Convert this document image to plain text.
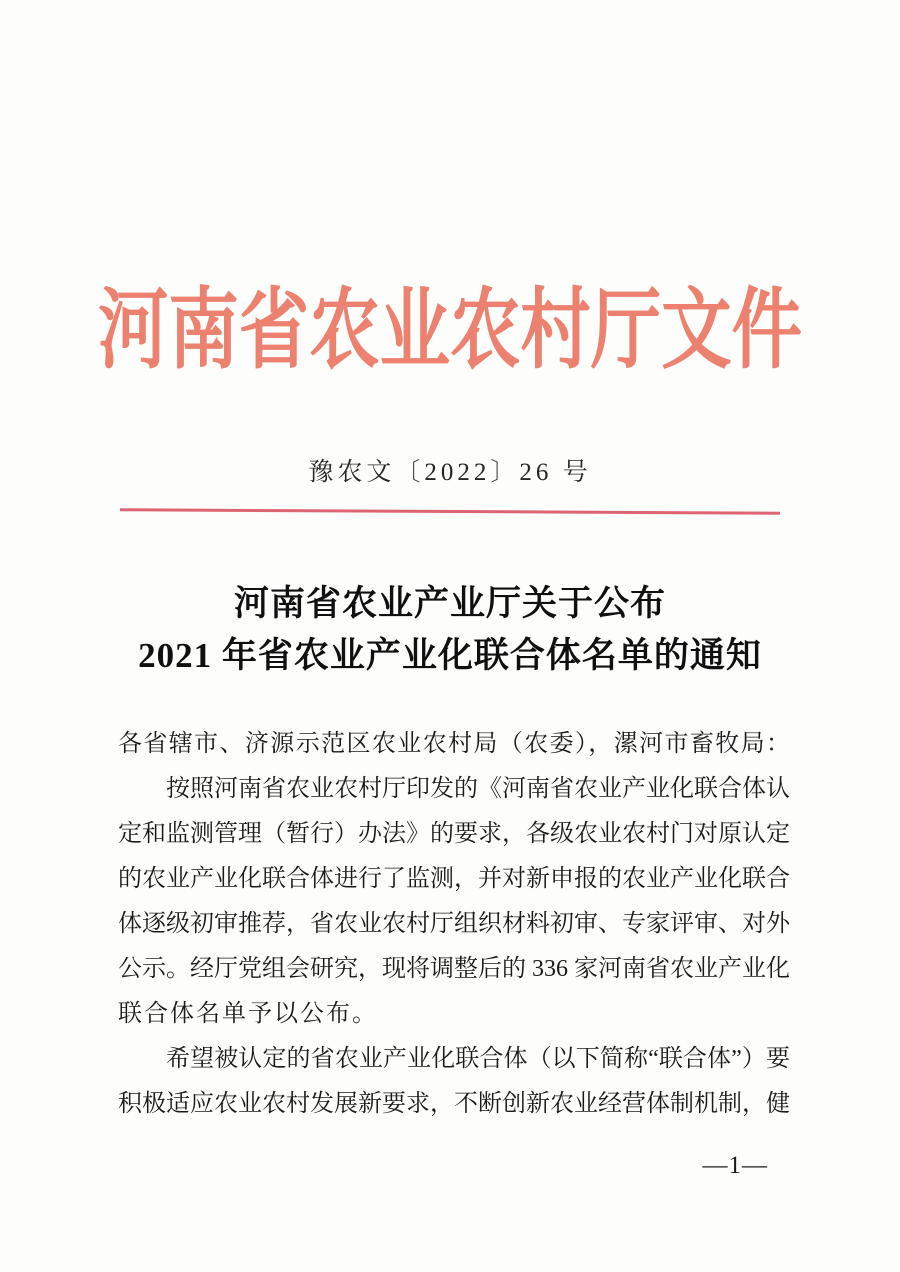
河南省农业农村厅文件
豫农文〔2022〕26 号
河南省农业产业厅关于公布
2021 年省农业产业化联合体名单的通知
各省辖市、济源示范区农业农村局（农委），漯河市畜牧局：
按照河南省农业农村厅印发的《河南省农业产业化联合体认
定和监测管理（暂行）办法》的要求，各级农业农村门对原认定
的农业产业化联合体进行了监测，并对新申报的农业产业化联合
体逐级初审推荐，省农业农村厅组织材料初审、专家评审、对外
公示。经厅党组会研究，现将调整后的 336 家河南省农业产业化
联合体名单予以公布。
希望被认定的省农业产业化联合体（以下简称“联合体”）要
积极适应农业农村发展新要求，不断创新农业经营体制机制，健
—1—
